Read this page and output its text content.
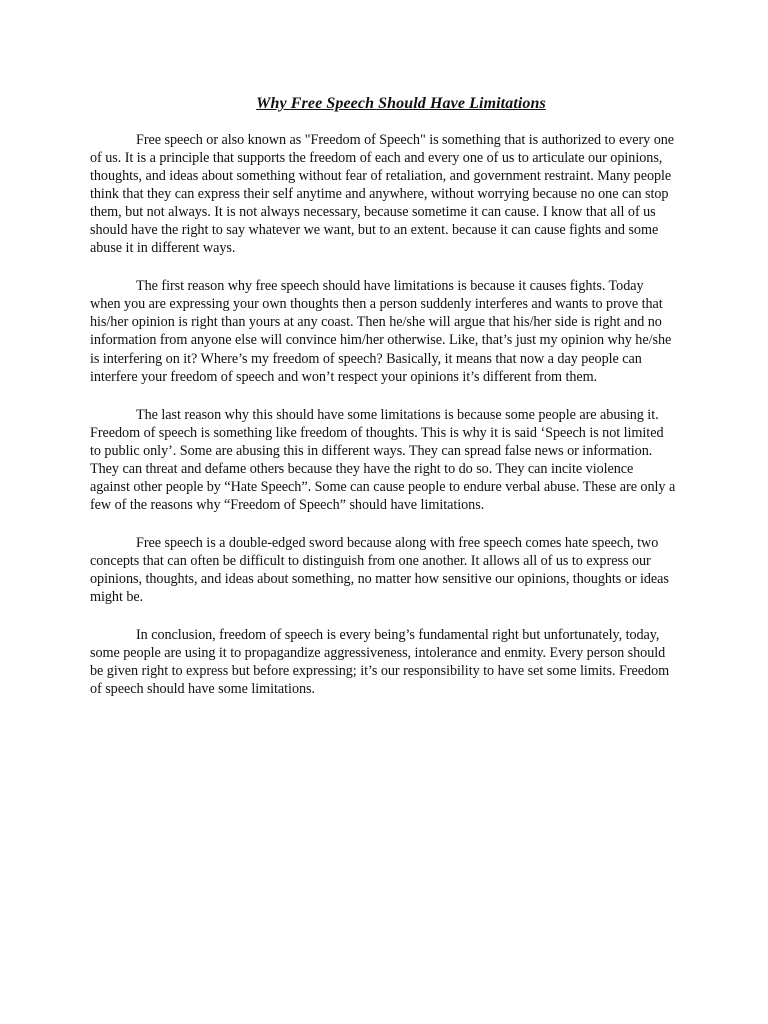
Why Free Speech Should Have Limitations

Free speech or also known as "Freedom of Speech" is something that is authorized to every one of us. It is a principle that supports the freedom of each and every one of us to articulate our opinions, thoughts, and ideas about something without fear of retaliation, and government restraint. Many people think that they can express their self anytime and anywhere, without worrying because no one can stop them, but not always. It is not always necessary, because sometime it can cause. I know that all of us should have the right to say whatever we want, but to an extent. because it can cause fights and some abuse it in different ways.

The first reason why free speech should have limitations is because it causes fights. Today when you are expressing your own thoughts then a person suddenly interferes and wants to prove that his/her opinion is right than yours at any coast. Then he/she will argue that his/her side is right and no information from anyone else will convince him/her otherwise. Like, that’s just my opinion why he/she is interfering on it? Where’s my freedom of speech? Basically, it means that now a day people can interfere your freedom of speech and won’t respect your opinions it’s different from them.

The last reason why this should have some limitations is because some people are abusing it. Freedom of speech is something like freedom of thoughts. This is why it is said ‘Speech is not limited to public only’. Some are abusing this in different ways. They can spread false news or information. They can threat and defame others because they have the right to do so. They can incite violence against other people by “Hate Speech”. Some can cause people to endure verbal abuse. These are only a few of the reasons why “Freedom of Speech” should have limitations.

Free speech is a double-edged sword because along with free speech comes hate speech, two concepts that can often be difficult to distinguish from one another. It allows all of us to express our opinions, thoughts, and ideas about something, no matter how sensitive our opinions, thoughts or ideas might be.

In conclusion, freedom of speech is every being’s fundamental right but unfortunately, today, some people are using it to propagandize aggressiveness, intolerance and enmity. Every person should be given right to express but before expressing; it’s our responsibility to have set some limits. Freedom of speech should have some limitations.
